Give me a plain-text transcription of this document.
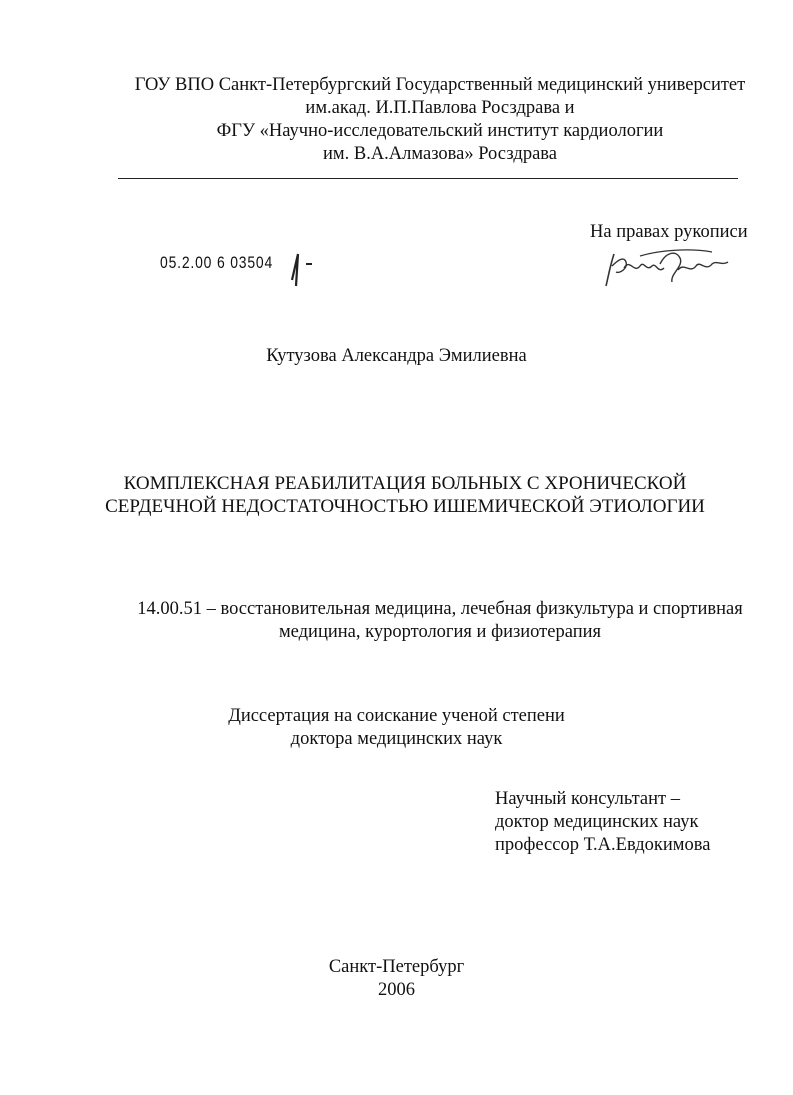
ГОУ ВПО Санкт-Петербургский Государственный медицинский университет
им.акад. И.П.Павлова Росздрава и
ФГУ «Научно-исследовательский институт кардиологии
им. В.А.Алмазова» Росздрава
На правах рукописи
05.2.00 6 03504
Кутузова Александра Эмилиевна
КОМПЛЕКСНАЯ РЕАБИЛИТАЦИЯ БОЛЬНЫХ С ХРОНИЧЕСКОЙ
СЕРДЕЧНОЙ НЕДОСТАТОЧНОСТЬЮ ИШЕМИЧЕСКОЙ ЭТИОЛОГИИ
14.00.51 – восстановительная медицина, лечебная физкультура и спортивная
медицина, курортология и физиотерапия
Диссертация на соискание ученой степени
доктора медицинских наук
Научный консультант –
доктор медицинских наук
профессор Т.А.Евдокимова
Санкт-Петербург
2006
